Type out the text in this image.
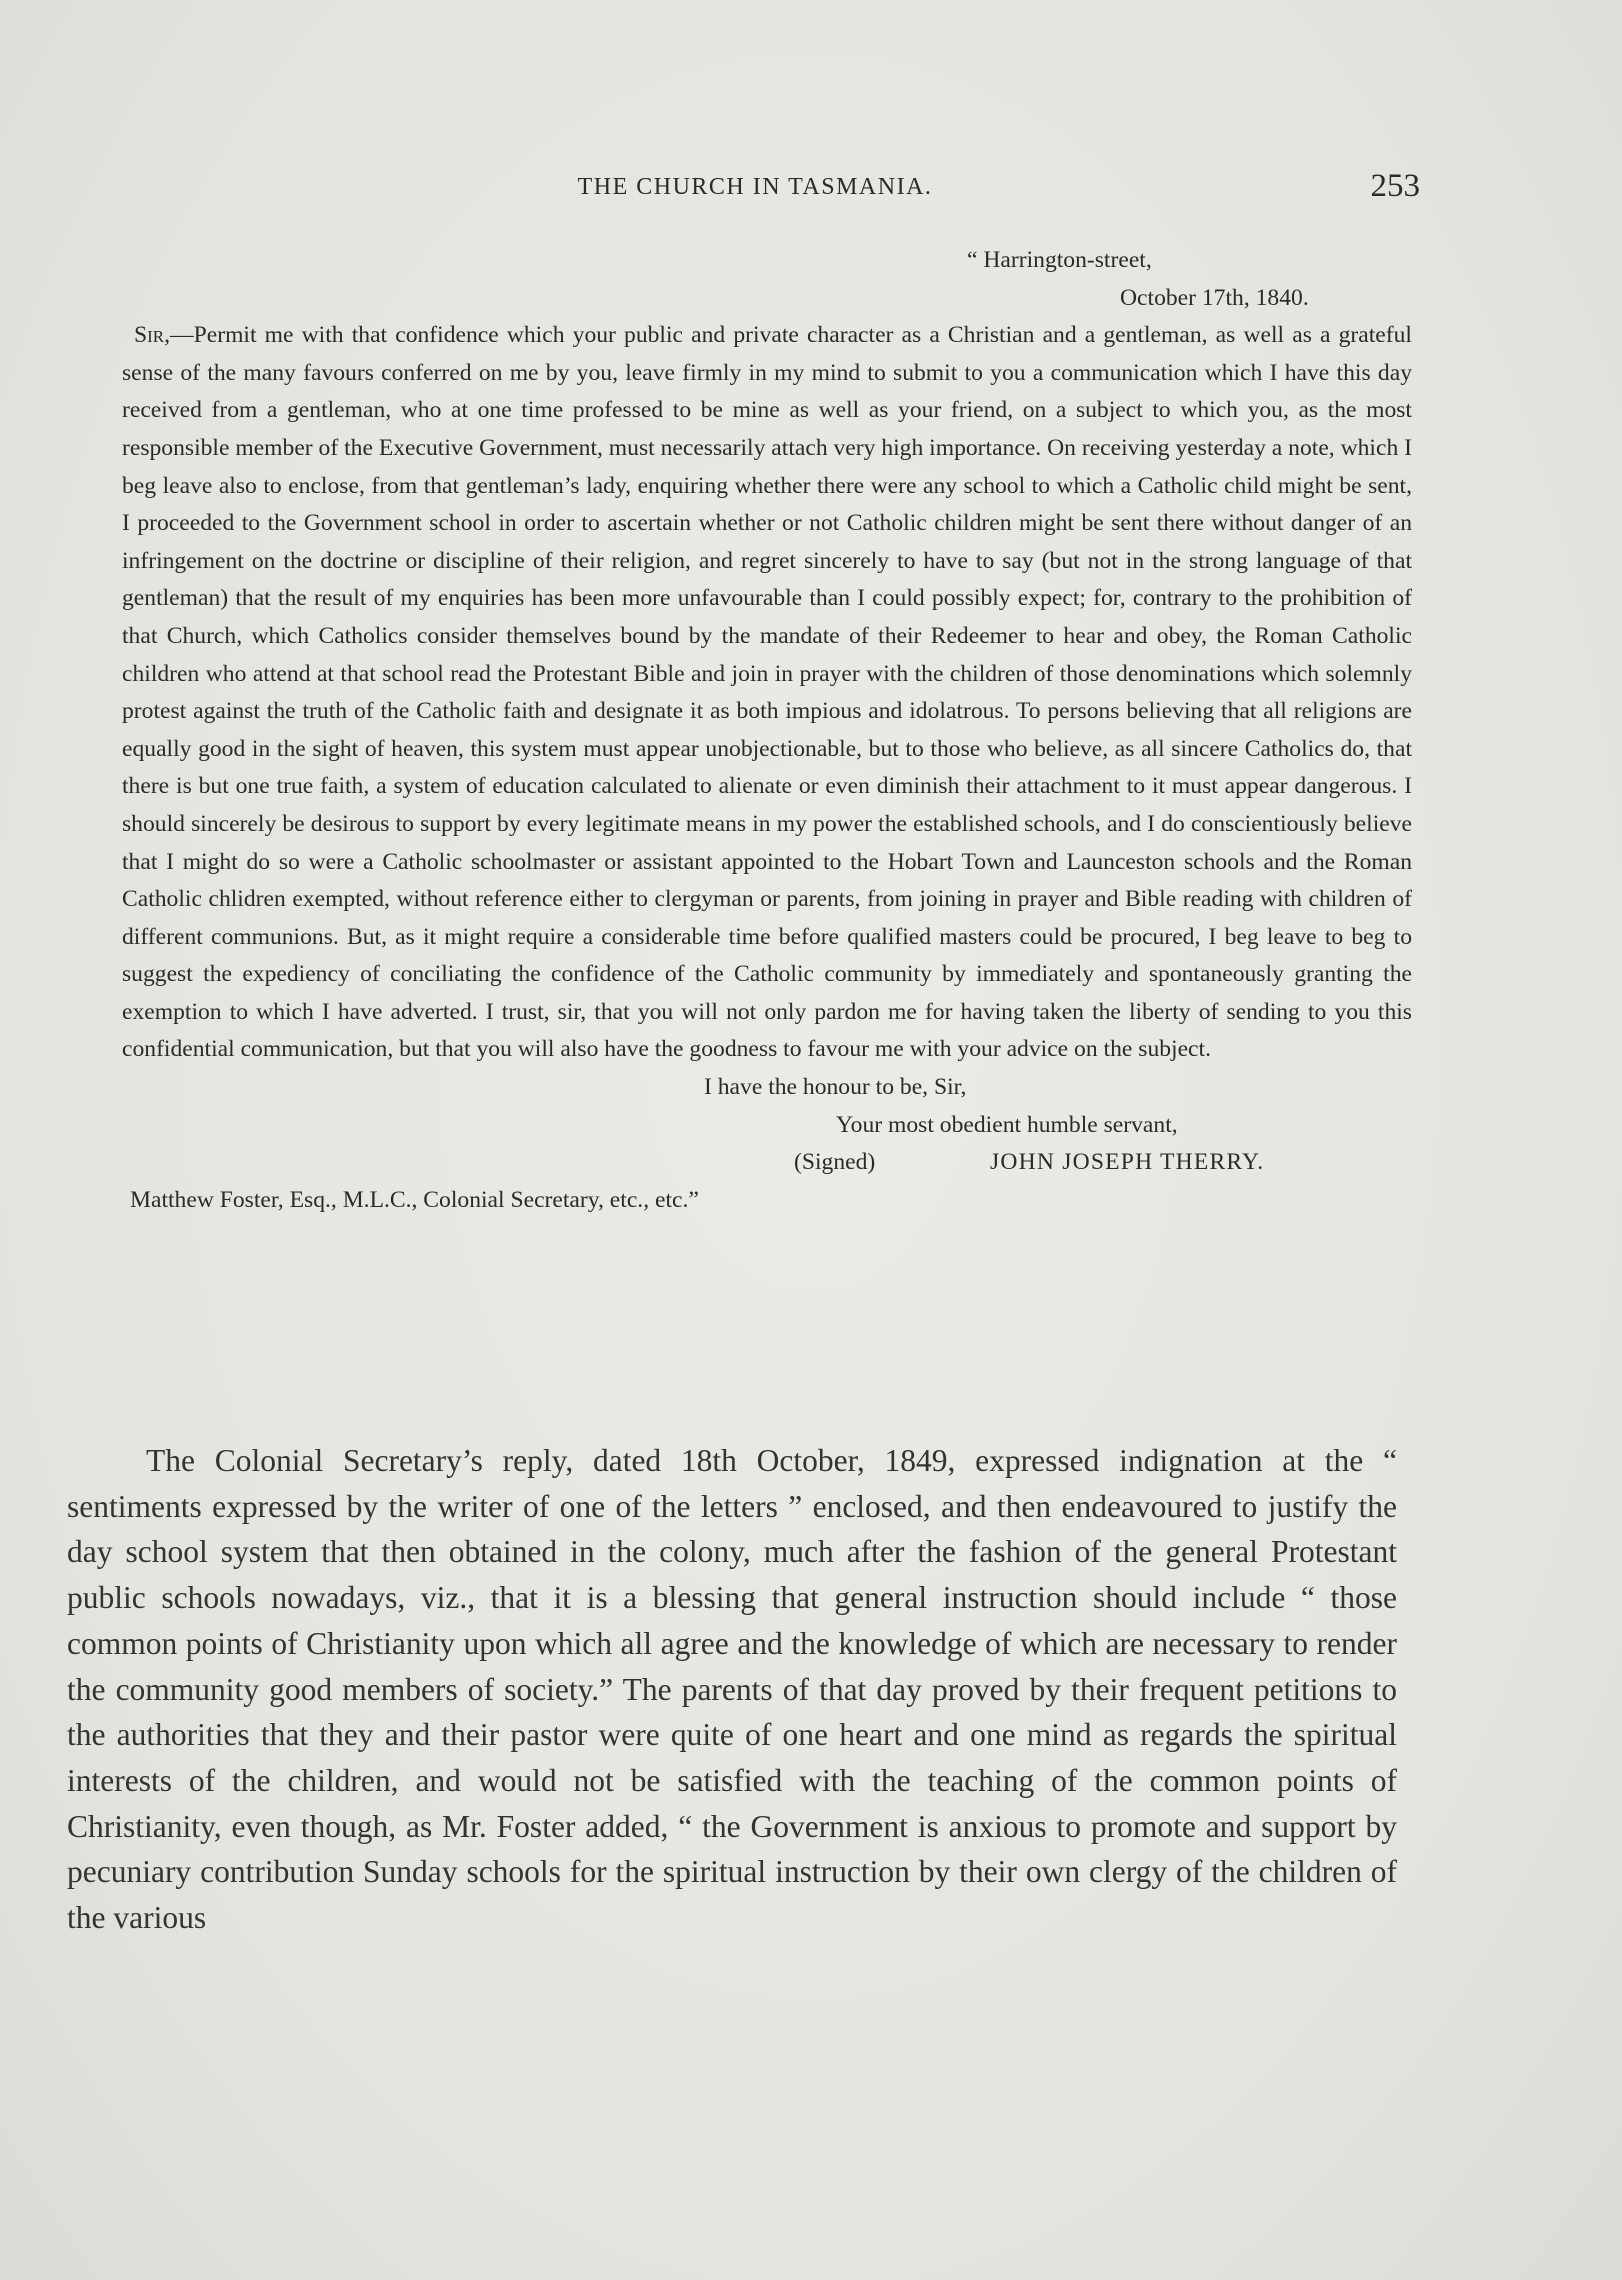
THE CHURCH IN TASMANIA.	253
“ Harrington-street,
October 17th, 1840.

Sir,—Permit me with that confidence which your public and private character as a Christian and a gentleman, as well as a grateful sense of the many favours conferred on me by you, leave firmly in my mind to submit to you a communication which I have this day received from a gentleman, who at one time professed to be mine as well as your friend, on a subject to which you, as the most responsible member of the Executive Government, must necessarily attach very high importance. On receiving yesterday a note, which I beg leave also to enclose, from that gentleman’s lady, enquiring whether there were any school to which a Catholic child might be sent, I proceeded to the Government school in order to ascertain whether or not Catholic children might be sent there without danger of an infringement on the doctrine or discipline of their religion, and regret sincerely to have to say (but not in the strong language of that gentleman) that the result of my enquiries has been more unfavourable than I could possibly expect; for, contrary to the prohibition of that Church, which Catholics consider themselves bound by the mandate of their Redeemer to hear and obey, the Roman Catholic children who attend at that school read the Protestant Bible and join in prayer with the children of those denominations which solemnly protest against the truth of the Catholic faith and designate it as both impious and idolatrous. To persons believing that all religions are equally good in the sight of heaven, this system must appear unobjectionable, but to those who believe, as all sincere Catholics do, that there is but one true faith, a system of education calculated to alienate or even diminish their attachment to it must appear dangerous. I should sincerely be desirous to support by every legitimate means in my power the established schools, and I do conscientiously believe that I might do so were a Catholic schoolmaster or assistant appointed to the Hobart Town and Launceston schools and the Roman Catholic chlidren exempted, without reference either to clergyman or parents, from joining in prayer and Bible reading with children of different communions. But, as it might require a considerable time before qualified masters could be procured, I beg leave to beg to suggest the expediency of conciliating the confidence of the Catholic community by immediately and spontaneously granting the exemption to which I have adverted. I trust, sir, that you will not only pardon me for having taken the liberty of sending to you this confidential communication, but that you will also have the goodness to favour me with your advice on the subject.

I have the honour to be, Sir,
Your most obedient humble servant,
(Signed)	JOHN JOSEPH THERRY.
Matthew Foster, Esq., M.L.C., Colonial Secretary, etc., etc.”

The Colonial Secretary’s reply, dated 18th October, 1849, expressed indignation at the “ sentiments expressed by the writer of one of the letters ” enclosed, and then endeavoured to justify the day school system that then obtained in the colony, much after the fashion of the general Protestant public schools nowadays, viz., that it is a blessing that general instruction should include “ those common points of Christianity upon which all agree and the knowledge of which are necessary to render the community good members of society.” The parents of that day proved by their frequent petitions to the authorities that they and their pastor were quite of one heart and one mind as regards the spiritual interests of the children, and would not be satisfied with the teaching of the common points of Christianity, even though, as Mr. Foster added, “ the Government is anxious to promote and support by pecuniary contribution Sunday schools for the spiritual instruction by their own clergy of the children of the various
